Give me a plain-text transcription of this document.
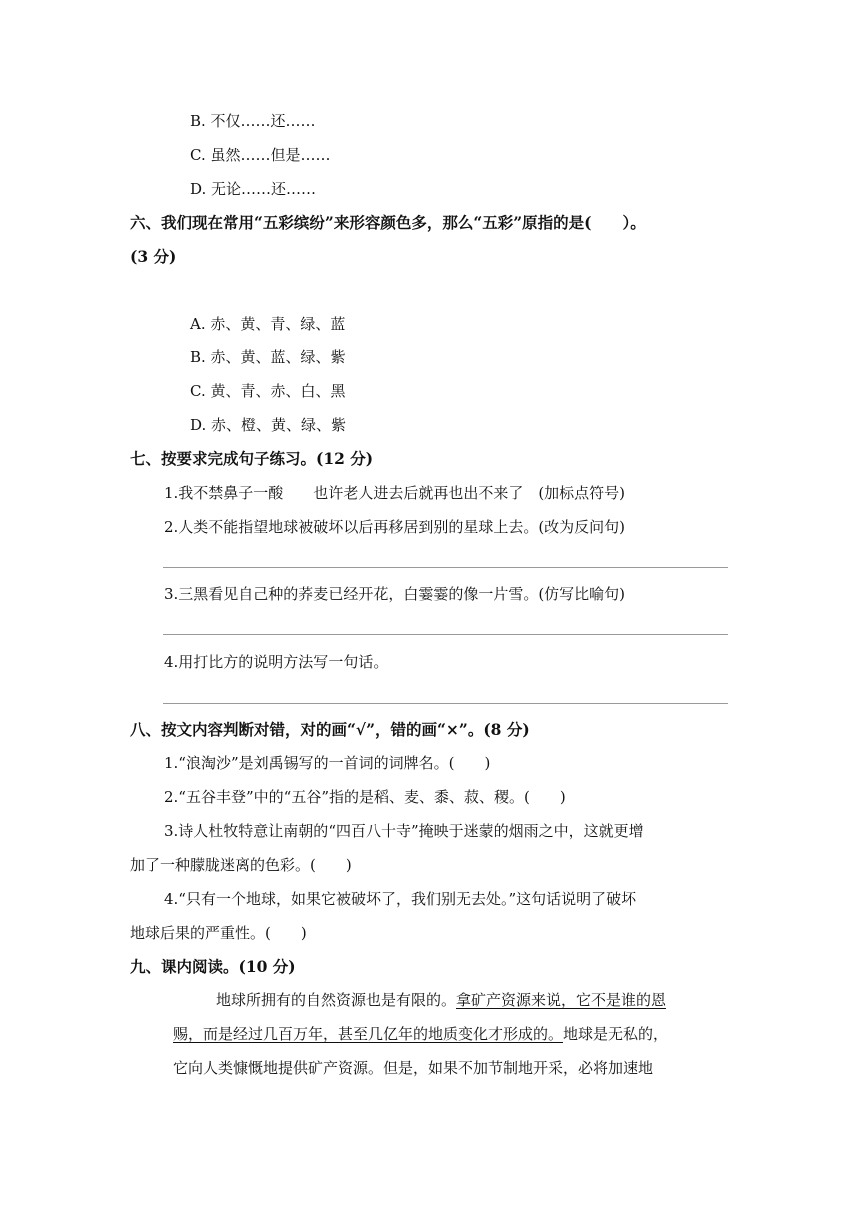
B. 不仅……还……
C. 虽然……但是……
D. 无论……还……
六、我们现在常用“五彩缤纷”来形容颜色多，那么“五彩”原指的是(　　）。
(3 分)
A. 赤、黄、青、绿、蓝
B. 赤、黄、蓝、绿、紫
C. 黄、青、赤、白、黑
D. 赤、橙、黄、绿、紫
七、按要求完成句子练习。(12 分)
1.我不禁鼻子一酸　　也许老人进去后就再也出不来了　(加标点符号)
2.人类不能指望地球被破坏以后再移居到别的星球上去。(改为反问句)
3.三黑看见自己种的荞麦已经开花，白霎霎的像一片雪。(仿写比喻句)
4.用打比方的说明方法写一句话。
八、按文内容判断对错，对的画“√”，错的画“×”。(8 分)
1.“浪淘沙”是刘禹锡写的一首词的词牌名。(　　)
2.“五谷丰登”中的“五谷”指的是稻、麦、黍、菽、稷。(　　)
3.诗人杜牧特意让南朝的“四百八十寺”掩映于迷蒙的烟雨之中，这就更增
加了一种朦胧迷离的色彩。(　　)
4.“只有一个地球，如果它被破坏了，我们别无去处。”这句话说明了破坏
地球后果的严重性。(　　)
九、课内阅读。(10 分)
地球所拥有的自然资源也是有限的。拿矿产资源来说，它不是谁的恩
赐，而是经过几百万年，甚至几亿年的地质变化才形成的。地球是无私的，
它向人类慷慨地提供矿产资源。但是，如果不加节制地开采，必将加速地
